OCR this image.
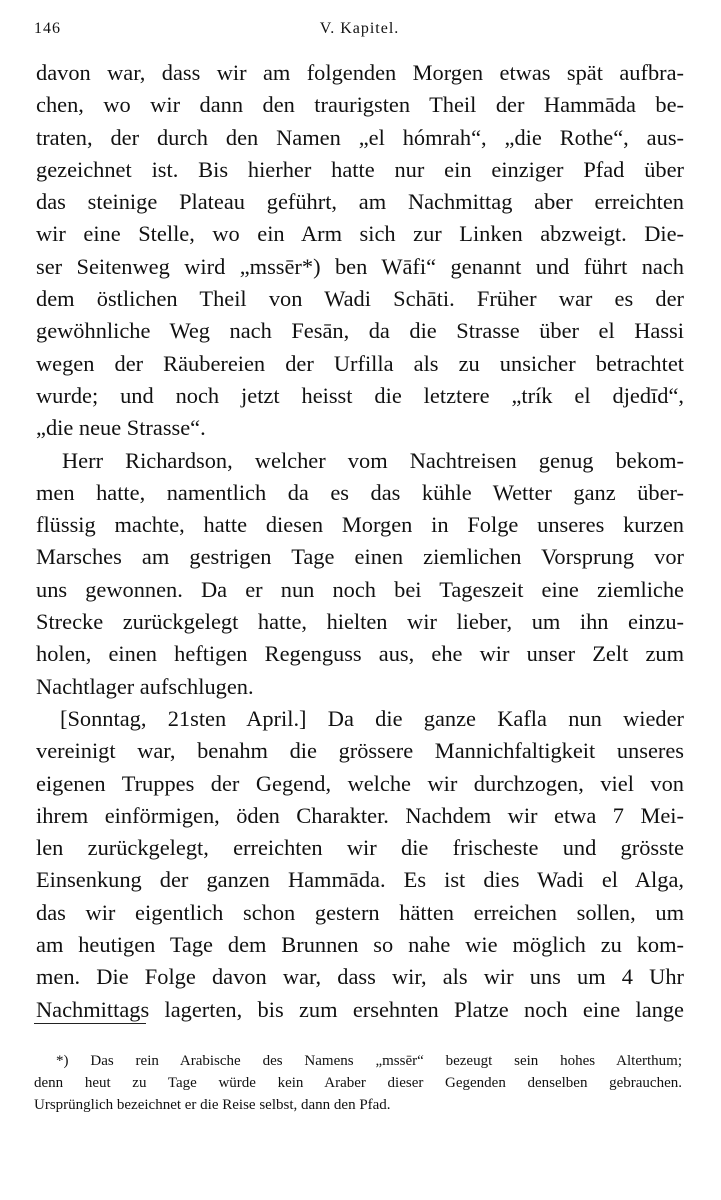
146	V. Kapitel.
davon war, dass wir am folgenden Morgen etwas spät aufbra-
chen, wo wir dann den traurigsten Theil der Hammāda be-
traten, der durch den Namen „el hómrah“, „die Rothe“, aus-
gezeichnet ist. Bis hierher hatte nur ein einziger Pfad über
das steinige Plateau geführt, am Nachmittag aber erreichten
wir eine Stelle, wo ein Arm sich zur Linken abzweigt. Die-
ser Seitenweg wird „mssēr*) ben Wāfi“ genannt und führt nach
dem östlichen Theil von Wadi Schāti. Früher war es der
gewöhnliche Weg nach Fesān, da die Strasse über el Hassi
wegen der Räubereien der Urfilla als zu unsicher betrachtet
wurde; und noch jetzt heisst die letztere „trík el djedīd“,
„die neue Strasse“.
Herr Richardson, welcher vom Nachtreisen genug bekom-
men hatte, namentlich da es das kühle Wetter ganz über-
flüssig machte, hatte diesen Morgen in Folge unseres kurzen
Marsches am gestrigen Tage einen ziemlichen Vorsprung vor
uns gewonnen. Da er nun noch bei Tageszeit eine ziemliche
Strecke zurückgelegt hatte, hielten wir lieber, um ihn einzu-
holen, einen heftigen Regenguss aus, ehe wir unser Zelt zum
Nachtlager aufschlugen.
[Sonntag, 21sten April.] Da die ganze Kafla nun wieder
vereinigt war, benahm die grössere Mannichfaltigkeit unseres
eigenen Truppes der Gegend, welche wir durchzogen, viel von
ihrem einförmigen, öden Charakter. Nachdem wir etwa 7 Mei-
len zurückgelegt, erreichten wir die frischeste und grösste
Einsenkung der ganzen Hammāda. Es ist dies Wadi el Alga,
das wir eigentlich schon gestern hätten erreichen sollen, um
am heutigen Tage dem Brunnen so nahe wie möglich zu kom-
men. Die Folge davon war, dass wir, als wir uns um 4 Uhr
Nachmittags lagerten, bis zum ersehnten Platze noch eine lange
*) Das rein Arabische des Namens „mssēr“ bezeugt sein hohes Alterthum;
denn heut zu Tage würde kein Araber dieser Gegenden denselben gebrauchen.
Ursprünglich bezeichnet er die Reise selbst, dann den Pfad.
